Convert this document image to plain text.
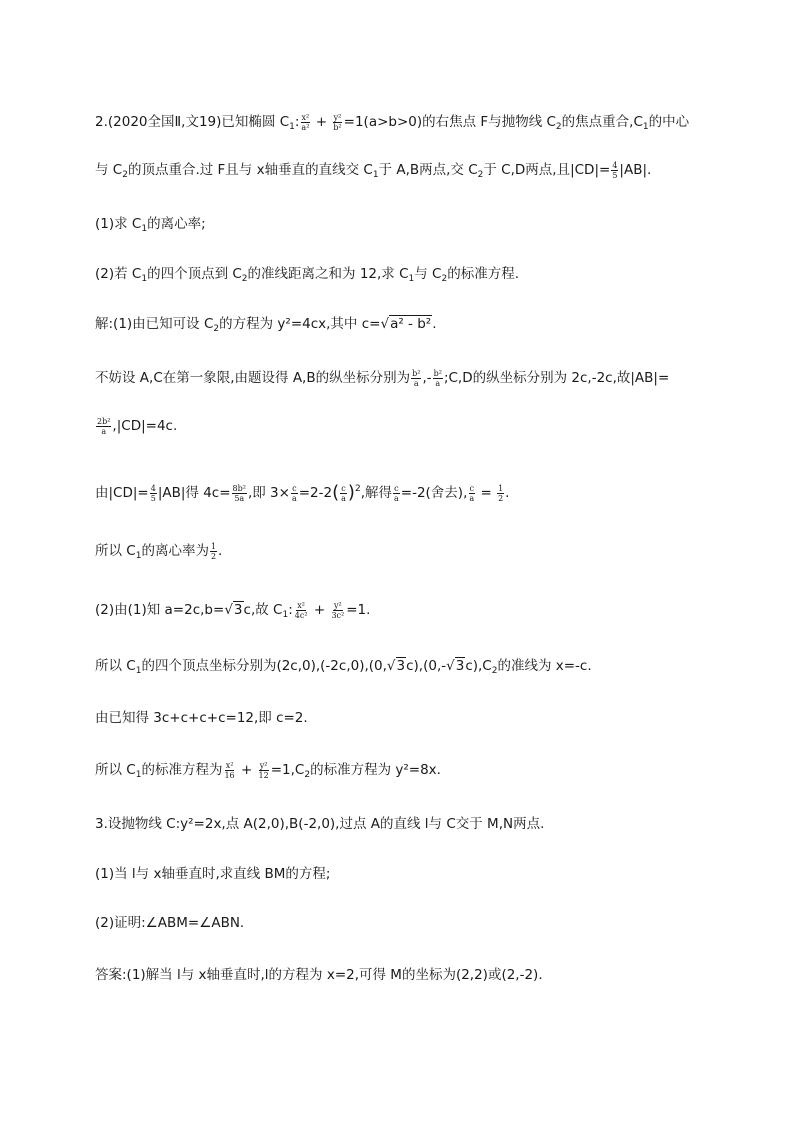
2.(2020全国Ⅱ,文19)已知椭圆 $C_1$: $\frac{\text{x²}}{\text{a²}} + \frac{\text{y²}}{\text{b²}} =1(a>b>0)$的右焦点 F与抛物线 $C_2$的焦点重合$,C_1$的中心
与 $C_2$的顶点重合.过 F且与 x轴垂直的直线交 $C_1$于 A,B两点,交 $C_2$于 C,D两点,且$|CD|= \frac{4}{5} |AB|$.
(1)求 $C_1$的离心率;
(2)若 $C_1$的四个顶点到 $C_2$的准线距离之和为 12,求 $C_1$与 $C_2$的标准方程.
解:(1)由已知可设 $C_2$的方程为 y²=4cx,其中 c=√a² - b².
不妨设 A,C在第一象限,由题设得 A,B的纵坐标分别为 $\frac{\text{b²}}{a}$ ,- $\frac{\text{b²}}{a}$ ;C,D的纵坐标分别为 2c,-2c,故|AB|=
$\frac{\text{2b²}}{a} ,|CD|=4c$.
由$|CD|= \frac{4}{5} |AB|$得 $4c= \frac{\text{8b²}}{5a}$ ,即 $3\times \frac{c}{a} =2-2( \frac{c}{a} )^2$,解得 $\frac{c}{a} =-2$(舍去), $\frac{c}{a} = \frac{1}{2}$ .
所以 $C_1$的离心率为 $\frac{1}{2}$ .
(2)由(1)知 a=2c,b=√3c,故 $C_1$: $\frac{\text{x²}}{\text{4c²}} + \frac{\text{y²}}{\text{3c²}} =1$.
所以 $C_1$的四个顶点坐标分别为$(2c,0),(-2c,0),(0,√3c),(0,-√3c),C_2$的准线为 x=-c.
由已知得 3c+c+c+c=12,即 c=2.
所以 $C_1$的标准方程为 $\frac{\text{x²}}{16} + \frac{\text{y²}}{12} =1,C_2$的标准方程为 y²=8x.
3.设抛物线 C:y²=2x,点 A(2,0),B(-2,0),过点 A的直线 l与 C交于 M,N两点.
(1)当 l与 x轴垂直时,求直线 BM的方程;
(2)证明:∠ABM=∠ABN.
答案:(1)解当 l与 x轴垂直时,l的方程为 x=2,可得 M的坐标为(2,2)或(2,-2).
